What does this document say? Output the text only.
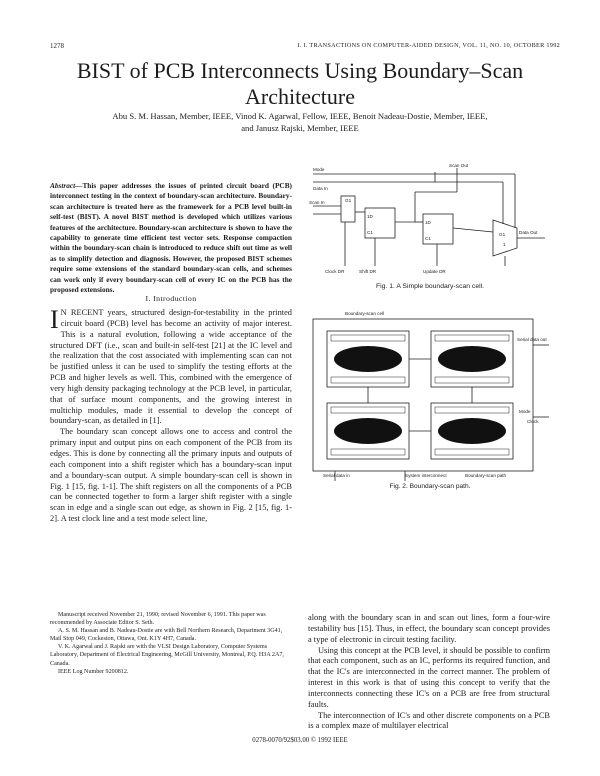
1278	I. I. TRANSACTIONS ON COMPUTER-AIDED DESIGN, VOL. 11, NO. 10, OCTOBER 1992
BIST of PCB Interconnects Using Boundary–Scan
Architecture
Abu S. M. Hassan, Member, IEEE, Vinod K. Agarwal, Fellow, IEEE, Benoit Nadeau-Dostie, Member, IEEE,
and Janusz Rajski, Member, IEEE
Abstract—This paper addresses the issues of printed circuit board (PCB) interconnect testing in the context of boundary-scan architecture. Boundary-scan architecture is treated here as the framework for a PCB level built-in self-test (BIST). A novel BIST method is developed which utilizes various features of the architecture. Boundary-scan architecture is shown to have the capability to generate time efficient test vector sets. Response compaction within the boundary-scan chain is introduced to reduce shift out time as well as to simplify detection and diagnosis. However, the proposed BIST schemes require some extensions of the standard boundary-scan cells, and schemes can work only if every boundary-scan cell of every IC on the PCB has the proposed extensions.
I. Introduction

I N RECENT years, structured design-for-testability in the printed circuit board (PCB) level has become an activity of major interest. This is a natural evolution, following a wide acceptance of the structured DFT (i.e., scan and built-in self-test [21] at the IC level and the realization that the cost associated with implementing scan can not be justified unless it can be used to simplify the testing efforts at the PCB and higher levels as well. This, combined with the emergence of very high density packaging technology at the PCB level, in particular, that of surface mount components, and the growing interest in multichip modules, made it essential to develop the concept of boundary-scan, as detailed in [1].

The boundary scan concept allows one to access and control the primary input and output pins on each component of the PCB from its edges. This is done by connecting all the primary inputs and outputs of each component into a shift register which has a boundary-scan input and a boundary-scan output. A simple boundary-scan cell is shown in Fig. 1 [15, fig. 1-1]. The shift registers on all the components of a PCB can be connected together to form a larger shift register with a single scan in edge and a single scan out edge, as shown in Fig. 2 [15, fig. 1-2]. A test clock line and a test mode select line,

Manuscript received November 21, 1990; revised November 6, 1991. This paper was recommended by Associate Editor S. Seth.

A. S. M. Hassan and B. Nadeau-Dostie are with Bell Northern Research, Department 3G41, Mail Stop 049, Cockeston, Ottawa, Ont. K1Y 4H7, Canada.

V. K. Agarwal and J. Rajski are with the VLSI Design Laboratory, Computer Systems Laboratory, Department of Electrical Engineering, McGill University, Montreal, P.Q. H3A 2A7, Canada.

IEEE Log Number 9200812.

Mode
Data In
Scan Out
G1
1D
C1
1D
C1
G1
1
Scan In
Clock DR	Shift DR	Update DR
Data Out
Fig. 1. A Simple boundary-scan cell.
Boundary-scan cell
Serial data out
Mode
Clock
Serial data in	System interconnect	Boundary-scan path
Fig. 2. Boundary-scan path.

along with the boundary scan in and scan out lines, form a four-wire testability bus [15]. Thus, in effect, the boundary scan concept provides a type of electronic in circuit testing facility.

Using this concept at the PCB level, it should be possible to confirm that each component, such as an IC, performs its required function, and that the IC's are interconnected in the correct manner. The problem of interest in this work is that of using this concept to verify that the interconnects connecting these IC's on a PCB are free from structural faults.

The interconnection of IC's and other discrete components on a PCB is a complex maze of multilayer electrical

0278-0070/92$03.00 © 1992 IEEE
